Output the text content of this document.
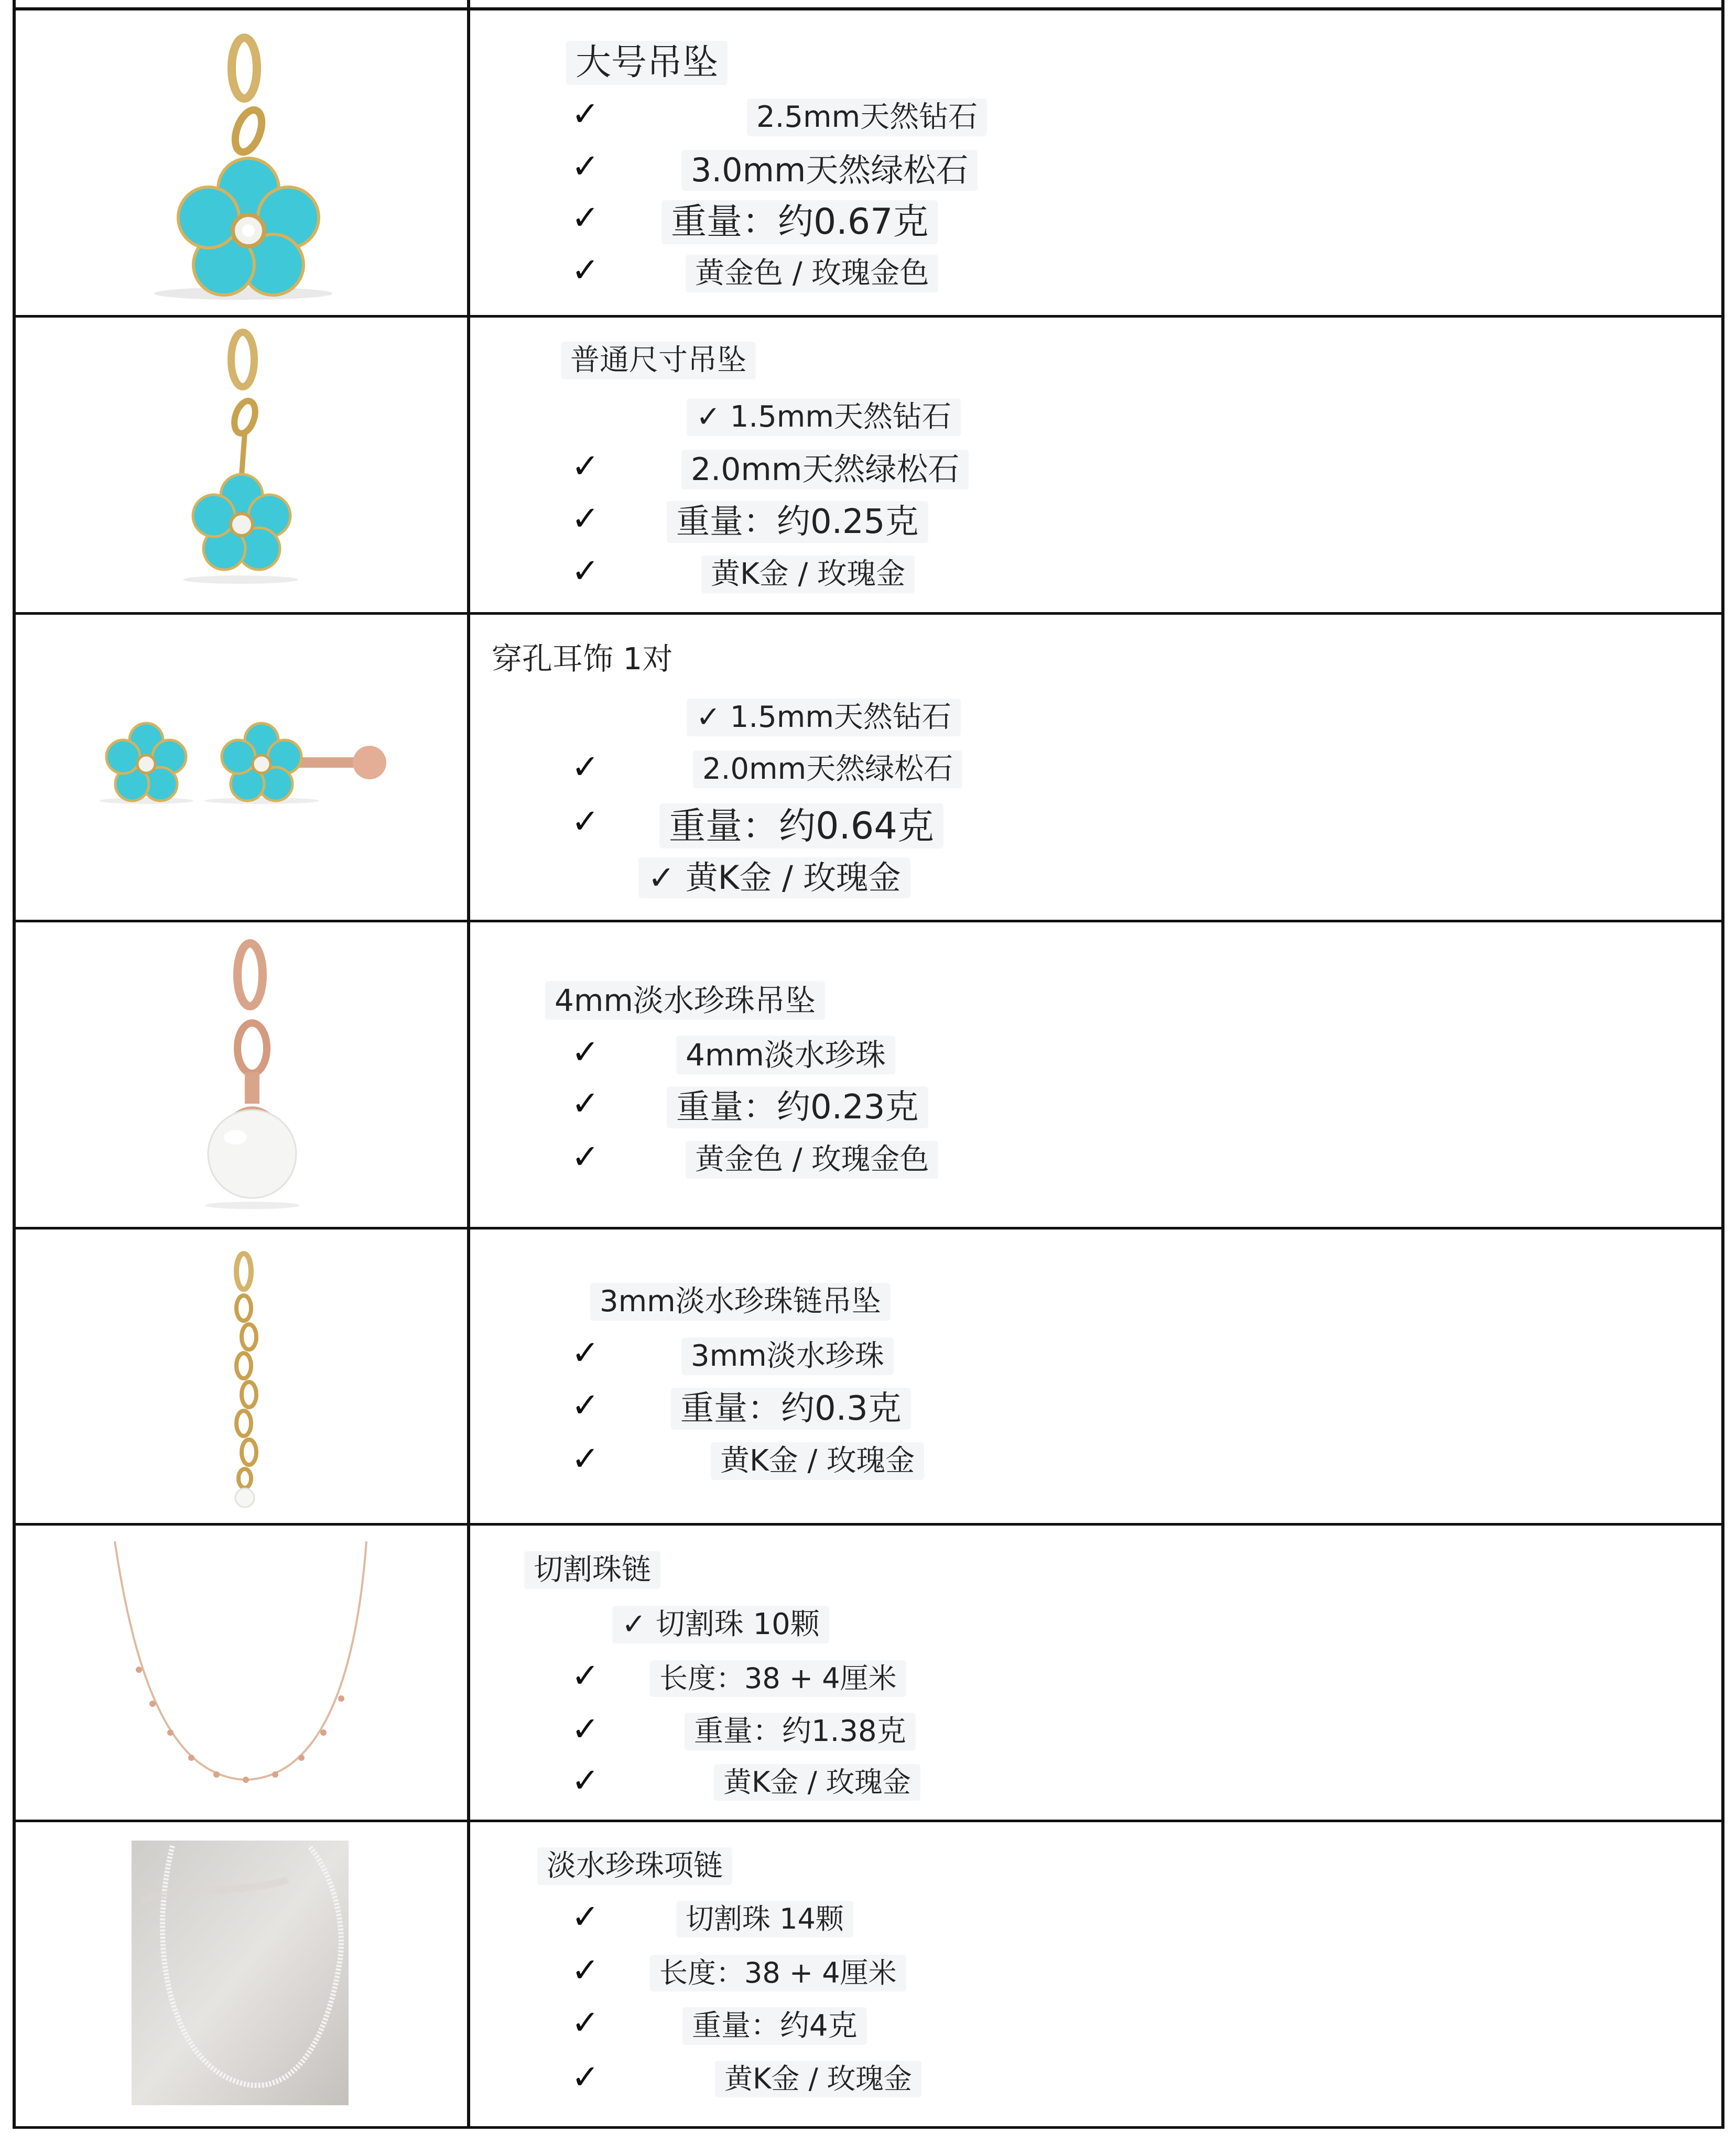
大号吊坠
✓	2.5mm天然钻石
✓	3.0mm天然绿松石
✓ 重量：约0.67克
✓	黄金色 / 玫瑰金色
普通尺寸吊坠
✓ 1.5mm天然钻石
✓	2.0mm天然绿松石
✓ 重量：约0.25克
✓	黄K金 / 玫瑰金
穿孔耳饰 1对
✓ 1.5mm天然钻石
✓	2.0mm天然绿松石
✓ 重量：约0.64克
✓ 黄K金 / 玫瑰金
4mm淡水珍珠吊坠
✓	4mm淡水珍珠
✓ 重量：约0.23克
✓	黄金色 / 玫瑰金色
3mm淡水珍珠链吊坠
✓	3mm淡水珍珠
✓ 重量：约0.3克
✓	黄K金 / 玫瑰金
切割珠链
✓ 切割珠 10颗
✓	长度：38 + 4厘米
✓	重量：约1.38克
✓	黄K金 / 玫瑰金
淡水珍珠项链
✓	切割珠 14颗
✓	长度：38 + 4厘米
✓	重量：约4克
✓	黄K金 / 玫瑰金
